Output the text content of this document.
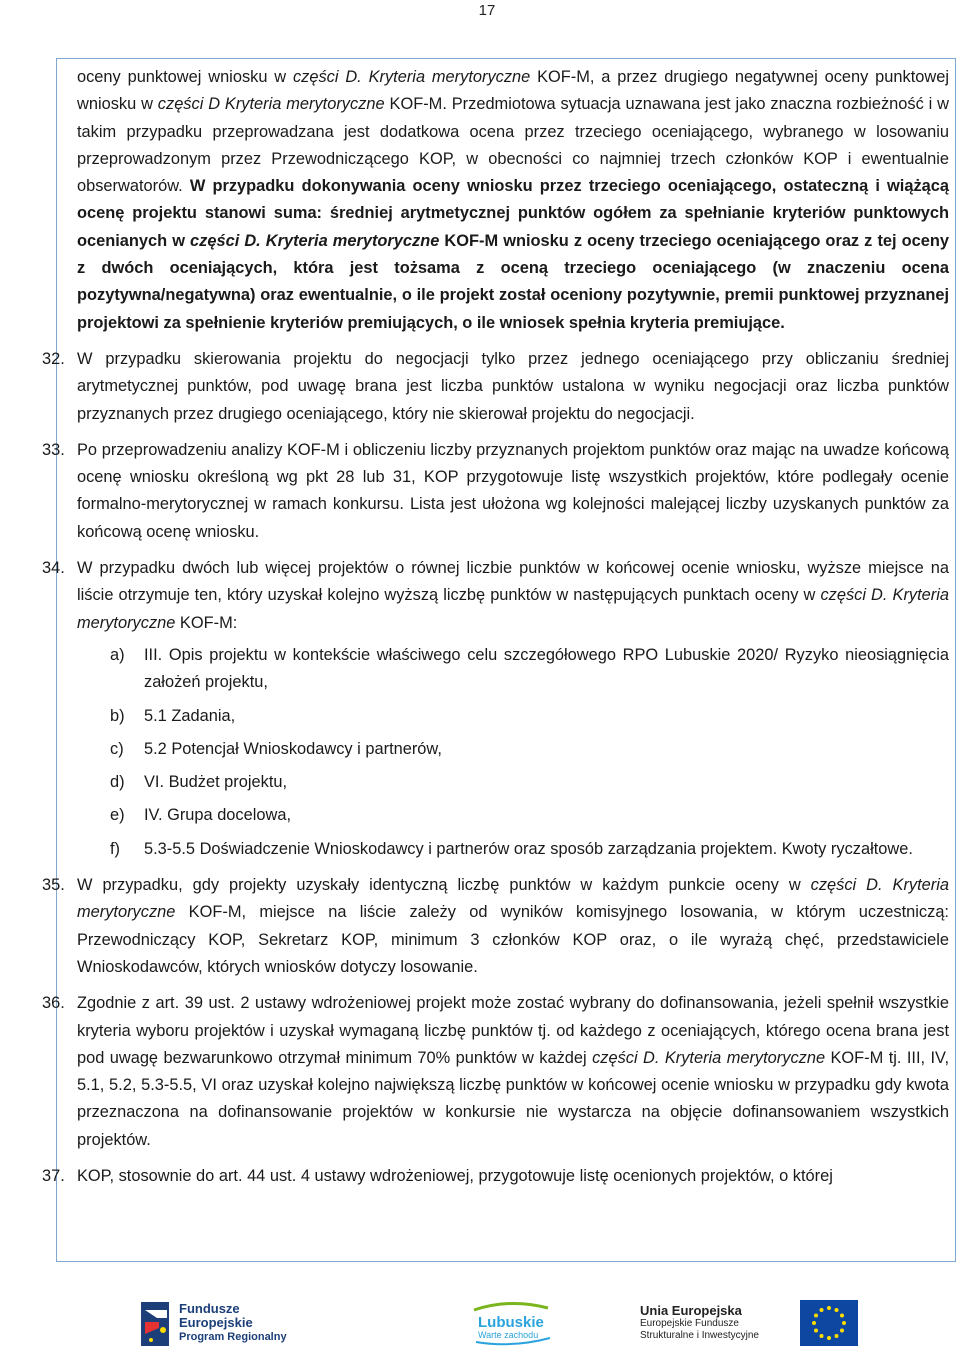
17

oceny punktowej wniosku w części D. Kryteria merytoryczne KOF-M, a przez drugiego negatywnej oceny punktowej wniosku w części D Kryteria merytoryczne KOF-M. Przedmiotowa sytuacja uznawana jest jako znaczna rozbieżność i w takim przypadku przeprowadzana jest dodatkowa ocena przez trzeciego oceniającego, wybranego w losowaniu przeprowadzonym przez Przewodniczącego KOP, w obecności co najmniej trzech członków KOP i ewentualnie obserwatorów. W przypadku dokonywania oceny wniosku przez trzeciego oceniającego, ostateczną i wiążącą ocenę projektu stanowi suma: średniej arytmetycznej punktów ogółem za spełnianie kryteriów punktowych ocenianych w części D. Kryteria merytoryczne KOF-M wniosku z oceny trzeciego oceniającego oraz z tej oceny z dwóch oceniających, która jest tożsama z oceną trzeciego oceniającego (w znaczeniu ocena pozytywna/negatywna) oraz ewentualnie, o ile projekt został oceniony pozytywnie, premii punktowej przyznanej projektowi za spełnienie kryteriów premiujących, o ile wniosek spełnia kryteria premiujące.

32. W przypadku skierowania projektu do negocjacji tylko przez jednego oceniającego przy obliczaniu średniej arytmetycznej punktów, pod uwagę brana jest liczba punktów ustalona w wyniku negocjacji oraz liczba punktów przyznanych przez drugiego oceniającego, który nie skierował projektu do negocjacji.
33. Po przeprowadzeniu analizy KOF-M i obliczeniu liczby przyznanych projektom punktów oraz mając na uwadze końcową ocenę wniosku określoną wg pkt 28 lub 31, KOP przygotowuje listę wszystkich projektów, które podlegały ocenie formalno-merytorycznej w ramach konkursu. Lista jest ułożona wg kolejności malejącej liczby uzyskanych punktów za końcową ocenę wniosku.
34. W przypadku dwóch lub więcej projektów o równej liczbie punktów w końcowej ocenie wniosku, wyższe miejsce na liście otrzymuje ten, który uzyskał kolejno wyższą liczbę punktów w następujących punktach oceny w części D. Kryteria merytoryczne KOF-M:
a) III. Opis projektu w kontekście właściwego celu szczegółowego RPO Lubuskie 2020/ Ryzyko nieosiągnięcia założeń projektu,
b) 5.1 Zadania,
c) 5.2 Potencjał Wnioskodawcy i partnerów,
d) VI. Budżet projektu,
e) IV. Grupa docelowa,
f) 5.3-5.5 Doświadczenie Wnioskodawcy i partnerów oraz sposób zarządzania projektem. Kwoty ryczałtowe.
35. W przypadku, gdy projekty uzyskały identyczną liczbę punktów w każdym punkcie oceny w części D. Kryteria merytoryczne KOF-M, miejsce na liście zależy od wyników komisyjnego losowania, w którym uczestniczą: Przewodniczący KOP, Sekretarz KOP, minimum 3 członków KOP oraz, o ile wyrażą chęć, przedstawiciele Wnioskodawców, których wniosków dotyczy losowanie.
36. Zgodnie z art. 39 ust. 2 ustawy wdrożeniowej projekt może zostać wybrany do dofinansowania, jeżeli spełnił wszystkie kryteria wyboru projektów i uzyskał wymaganą liczbę punktów tj. od każdego z oceniających, którego ocena brana jest pod uwagę bezwarunkowo otrzymał minimum 70% punktów w każdej części D. Kryteria merytoryczne KOF-M tj. III, IV, 5.1, 5.2, 5.3-5.5, VI oraz uzyskał kolejno największą liczbę punktów w końcowej ocenie wniosku w przypadku gdy kwota przeznaczona na dofinansowanie projektów w konkursie nie wystarcza na objęcie dofinansowaniem wszystkich projektów.
37. KOP, stosownie do art. 44 ust. 4 ustawy wdrożeniowej, przygotowuje listę ocenionych projektów, o której
Fundusze
Europejskie
Program Regionalny
Lubuskie
Warte zachodu
Unia Europejska
Europejskie Fundusze
Strukturalne i Inwestycyjne
